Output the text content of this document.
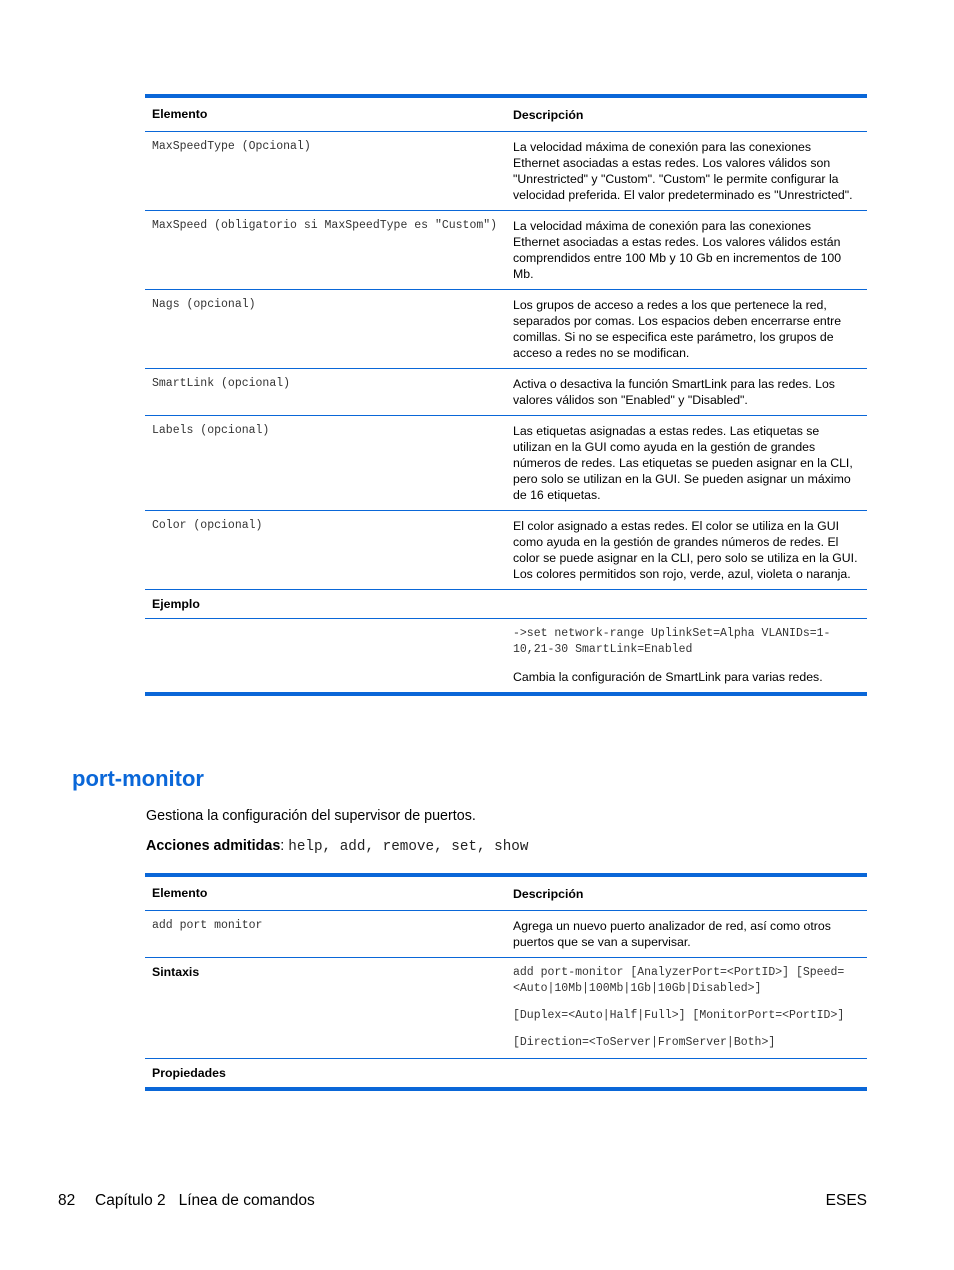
Elemento	Descripción
MaxSpeedType (Opcional)	La velocidad máxima de conexión para las conexiones Ethernet asociadas a estas redes. Los valores válidos son "Unrestricted" y "Custom". "Custom" le permite configurar la velocidad preferida. El valor predeterminado es "Unrestricted".
MaxSpeed (obligatorio si MaxSpeedType es "Custom")	La velocidad máxima de conexión para las conexiones Ethernet asociadas a estas redes. Los valores válidos están comprendidos entre 100 Mb y 10 Gb en incrementos de 100 Mb.
Nags (opcional)	Los grupos de acceso a redes a los que pertenece la red, separados por comas. Los espacios deben encerrarse entre comillas. Si no se especifica este parámetro, los grupos de acceso a redes no se modifican.
SmartLink (opcional)	Activa o desactiva la función SmartLink para las redes. Los valores válidos son "Enabled" y "Disabled".
Labels (opcional)	Las etiquetas asignadas a estas redes. Las etiquetas se utilizan en la GUI como ayuda en la gestión de grandes números de redes. Las etiquetas se pueden asignar en la CLI, pero solo se utilizan en la GUI. Se pueden asignar un máximo de 16 etiquetas.
Color (opcional)	El color asignado a estas redes. El color se utiliza en la GUI como ayuda en la gestión de grandes números de redes. El color se puede asignar en la CLI, pero solo se utiliza en la GUI. Los colores permitidos son rojo, verde, azul, violeta o naranja.
Ejemplo

->set network-range UplinkSet=Alpha VLANIDs=1-10,21-30 SmartLink=Enabled

Cambia la configuración de SmartLink para varias redes.

port-monitor
Gestiona la configuración del supervisor de puertos.
Acciones admitidas: help, add, remove, set, show
Elemento	Descripción
add port monitor	Agrega un nuevo puerto analizador de red, así como otros puertos que se van a supervisar.
Sintaxis	add port-monitor [AnalyzerPort=<PortID>] [Speed=<Auto|10Mb|100Mb|1Gb|10Gb|Disabled>]

[Duplex=<Auto|Half|Full>] [MonitorPort=<PortID>]

[Direction=<ToServer|FromServer|Both>]

Propiedades
82 Capítulo 2   Línea de comandos	ESES
